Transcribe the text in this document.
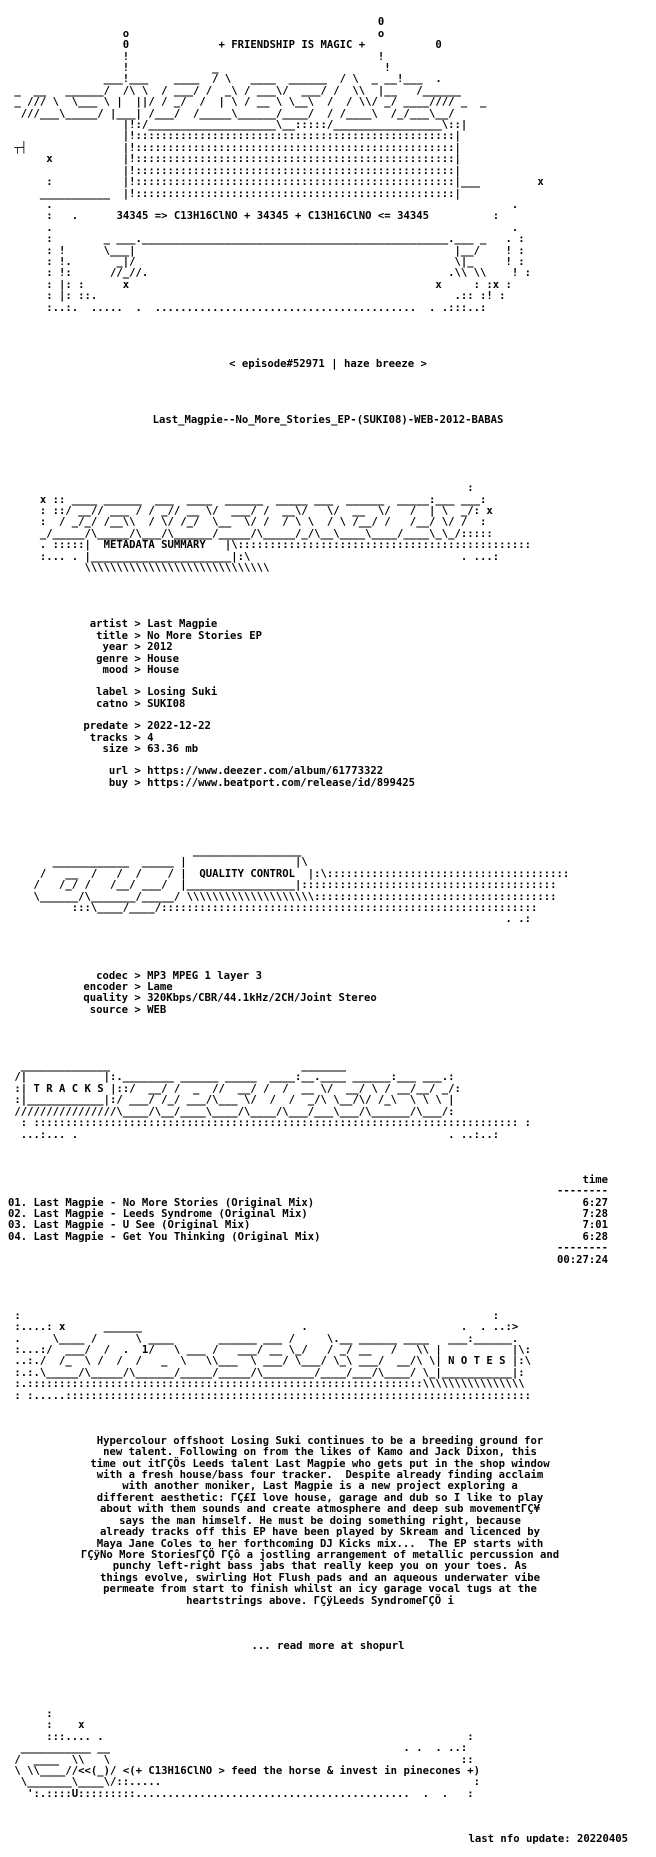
0
o                                       o
0	+ FRIENDSHIP IS MAGIC +	0
!                                       !
!             _                          !
___!___    ____  / \   ____  ______  / \  _ __!___  .
_  __   ______/  /\ \  / ___/ /  _\ / ___\/  ___/ /  \\  |__   /______
_ /// \  \___ \ |  ||/ / _/  /  | \ / __ \ \__\  /  / \\/ _/ ____//// _  _
///___\_____/ |___| /___/  /_____\______/____/  / /____\  /_/___\__/
|!:/____________________\__:::::/_________________\::|
|!::::::::::::::::::::::::::::::::::::::::::::::::::|
┬┤               |!::::::::::::::::::::::::::::::::::::::::::::::::::|
x           |!::::::::::::::::::::::::::::::::::::::::::::::::::|
|!::::::::::::::::::::::::::::::::::::::::::::::::::|
:           |!::::::::::::::::::::::::::::::::::::::::::::::::::|___         x
___________  |!::::::::::::::::::::::::::::::::::::::::::::::::::|
.                                                                        .
:   .	34345 => C13H16ClNO + 34345 + C13H16ClNO <= 34345	:
.                                                                        .
:        _ ___.________________________________________________.___ _   . :
: !      \___|                                                  |__/    ! :
: !.       _|/                                                  \|_     ! :
: !:      //_//.                                               .\\ \\    ! :
: |: :      x                                                x     : :x :
: |: ::.                                                        .:: :! :
:..:.  .....  .  .........................................  . .:::..:

< episode#52971 | haze breeze >

Last_Magpie--No_More_Stories_EP-(SUKI08)-WEB-2012-BABAS

:
x :: ____ ______  ___  ____  ______  _____ ___  ______  _____:___ ___:
: ::/ __// ___ / / _// __ \/  ___/ /  __\/   \/  __  \/   /  | \  _/: x
:  / _/_/ /__\\  / \/ /_/  \__  \/ /  / \ \  / \ /__/ /   /__/ \/ /  :
_/_____/\_____/\___/\______/_____/\_____/_/\__\____\____/____\_\_/:::::
. :::::|  METADATA SUMMARY   |\::::::::::::::::::::::::::::::::::::::::::::::
:... . |______________________|:\                                 . ...:
\\\\\\\\\\\\\\\\\\\\\\\\\\\\\

artist > Last Magpie
title > No More Stories EP
year > 2012
genre > House
mood > House
label > Losing Suki
catno > SUKI08
predate > 2022-12-22
tracks > 4
size > 63.36 mb
url > https://www.deezer.com/album/61773322
buy > https://www.beatport.com/release/id/899425

_________________
____________  _____ |                 |\
/   __  /   /  /    / |  QUALITY CONTROL  |:\::::::::::::::::::::::::::::::::::::::
/   /_/ /   /__/ ___/  |_________________|::::::::::::::::::::::::::::::::::::::::
\______/\_______/_____/ \\\\\\\\\\\\\\\\\\\\::::::::::::::::::::::::::::::::::::::
:::\____/____/:::::::::::::::::::::::::::::::::::::::::::::::::::::::::::
. .:

codec > MP3 MPEG 1 layer 3
encoder > Lame
quality > 320Kbps/CBR/44.1kHz/2CH/Joint Stereo
source > WEB

______________                              _______
/|            |:.________ ______ _____  ____:__.____ ______:___ ___.:
:| T R A C K S |::/  __/ /  _  //  __/ /  /  __ \/  __/ \ / __/__/ _/:
:|____________|:/ ___/ /_/ ___/\___ \/  /  /  _/\ \__/\/ /_\  \ \ \ |
////////////////\____/\__/____\____/\____/\___/___\___/\______/\___/:
: :::::::::::::::::::::::::::::::::::::::::::::::::::::::::::::::::::::::::::: :
...:... .                                                          . ..:..:

time
--------
01. Last Magpie - No More Stories (Original Mix)	6:27
02. Last Magpie - Leeds Syndrome (Original Mix)	7:28
03. Last Magpie - U See (Original Mix)	7:01
04. Last Magpie - Get You Thinking (Original Mix)	6:28
--------
00:27:24

:                                                                          :
:....: x      ______                         .                        .  . ..:>
.     \____ /      \ ____       ______ ___ /     \.__ ______ ____   ___:______.
:...:/  ___/  /  .  1/   \ ___ /   ___/ __ \_/   / _/ __   /   \\ |           |\:
..:./  /_  \ /  /  /   _  \   \\___  \ ___/ \___/ \_\ ___/  __/\ \| N O T E S |:\
:.:.\_____/\_____/\______/_____/_____/\________/____/___/\____/ \_|___________|:
:.::::::::::::::::::::::::::::::::::::::::::::::::::::::::::::::\\\\\\\\\\\\\\\\
: :.....:::::::::::::::::::::::::::::::::::::::::::::::::::::::::::::::::::::::::

Hypercolour offshoot Losing Suki continues to be a breeding ground for
new talent. Following on from the likes of Kamo and Jack Dixon, this
time out itΓÇÖs Leeds talent Last Magpie who gets put in the shop window
with a fresh house/bass four tracker.  Despite already finding acclaim
with another moniker, Last Magpie is a new project exploring a
different aesthetic: ΓÇ£I love house, garage and dub so I like to play
about with them sounds and create atmosphere and deep sub movementΓÇ¥
says the man himself. He must be doing something right, because
already tracks off this EP have been played by Skream and licenced by
Maya Jane Coles to her forthcoming DJ Kicks mix...  The EP starts with
ΓÇÿNo More StoriesΓÇÖ ΓÇô a jostling arrangement of metallic percussion and
punchy left-right bass jabs that really keep you on your toes. As
things evolve, swirling Hot Flush pads and an aqueous underwater vibe
permeate from start to finish whilst an icy garage vocal tugs at the
heartstrings above. ΓÇÿLeeds SyndromeΓÇÖ i

... read more at shopurl

:
:    x
:::.... .                                                         :
___________ __                                              . .  . ..:
/  ____  \\   \                                                       ::
\ \\____//<<(_)/ <(+ C13H16ClNO > feed the horse & invest in pinecones +)
\_______\____\/::.....                                                 :
':.::::U:::::::::...........................................  .  .   :

last nfo update: 20220405
